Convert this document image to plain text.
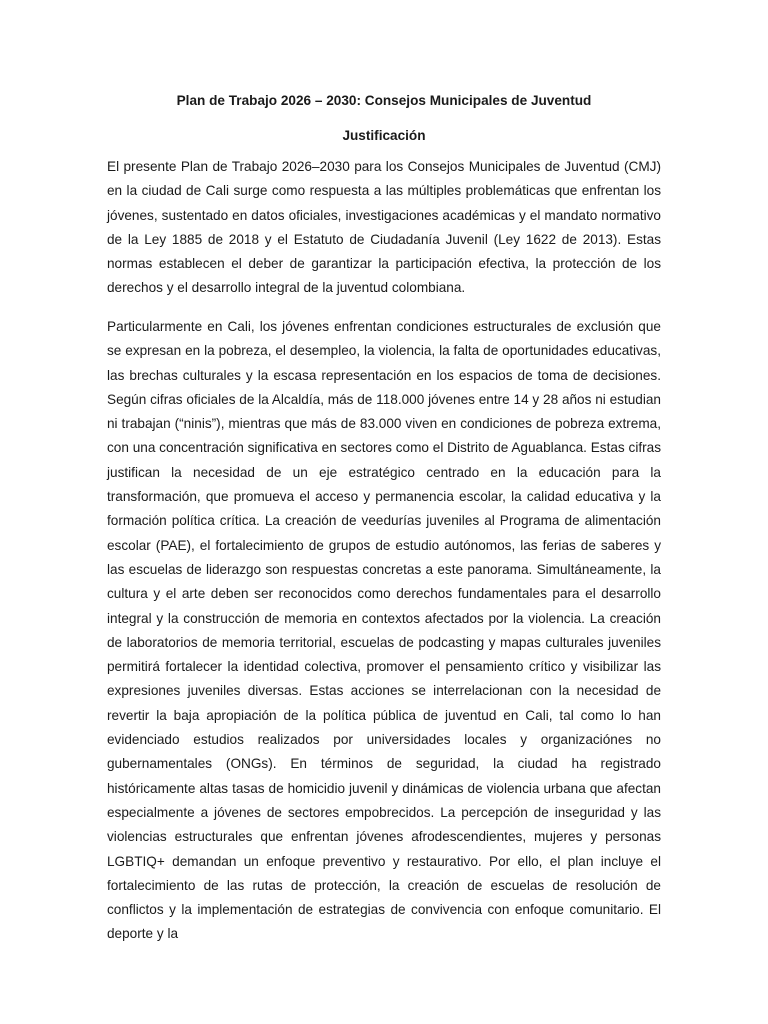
Plan de Trabajo 2026 – 2030: Consejos Municipales de Juventud
Justificación

El presente Plan de Trabajo 2026–2030 para los Consejos Municipales de Juventud (CMJ) en la ciudad de Cali surge como respuesta a las múltiples problemáticas que enfrentan los jóvenes, sustentado en datos oficiales, investigaciones académicas y el mandato normativo de la Ley 1885 de 2018 y el Estatuto de Ciudadanía Juvenil (Ley 1622 de 2013). Estas normas establecen el deber de garantizar la participación efectiva, la protección de los derechos y el desarrollo integral de la juventud colombiana.

Particularmente en Cali, los jóvenes enfrentan condiciones estructurales de exclusión que se expresan en la pobreza, el desempleo, la violencia, la falta de oportunidades educativas, las brechas culturales y la escasa representación en los espacios de toma de decisiones. Según cifras oficiales de la Alcaldía, más de 118.000 jóvenes entre 14 y 28 años ni estudian ni trabajan (“ninis”), mientras que más de 83.000 viven en condiciones de pobreza extrema, con una concentración significativa en sectores como el Distrito de Aguablanca. Estas cifras justifican la necesidad de un eje estratégico centrado en la educación para la transformación, que promueva el acceso y permanencia escolar, la calidad educativa y la formación política crítica. La creación de veedurías juveniles al Programa de alimentación escolar (PAE), el fortalecimiento de grupos de estudio autónomos, las ferias de saberes y las escuelas de liderazgo son respuestas concretas a este panorama. Simultáneamente, la cultura y el arte deben ser reconocidos como derechos fundamentales para el desarrollo integral y la construcción de memoria en contextos afectados por la violencia. La creación de laboratorios de memoria territorial, escuelas de podcasting y mapas culturales juveniles permitirá fortalecer la identidad colectiva, promover el pensamiento crítico y visibilizar las expresiones juveniles diversas. Estas acciones se interrelacionan con la necesidad de revertir la baja apropiación de la política pública de juventud en Cali, tal como lo han evidenciado estudios realizados por universidades locales y organizaciónes no gubernamentales (ONGs). En términos de seguridad, la ciudad ha registrado históricamente altas tasas de homicidio juvenil y dinámicas de violencia urbana que afectan especialmente a jóvenes de sectores empobrecidos. La percepción de inseguridad y las violencias estructurales que enfrentan jóvenes afrodescendientes, mujeres y personas LGBTIQ+ demandan un enfoque preventivo y restaurativo. Por ello, el plan incluye el fortalecimiento de las rutas de protección, la creación de escuelas de resolución de conflictos y la implementación de estrategias de convivencia con enfoque comunitario. El deporte y la
